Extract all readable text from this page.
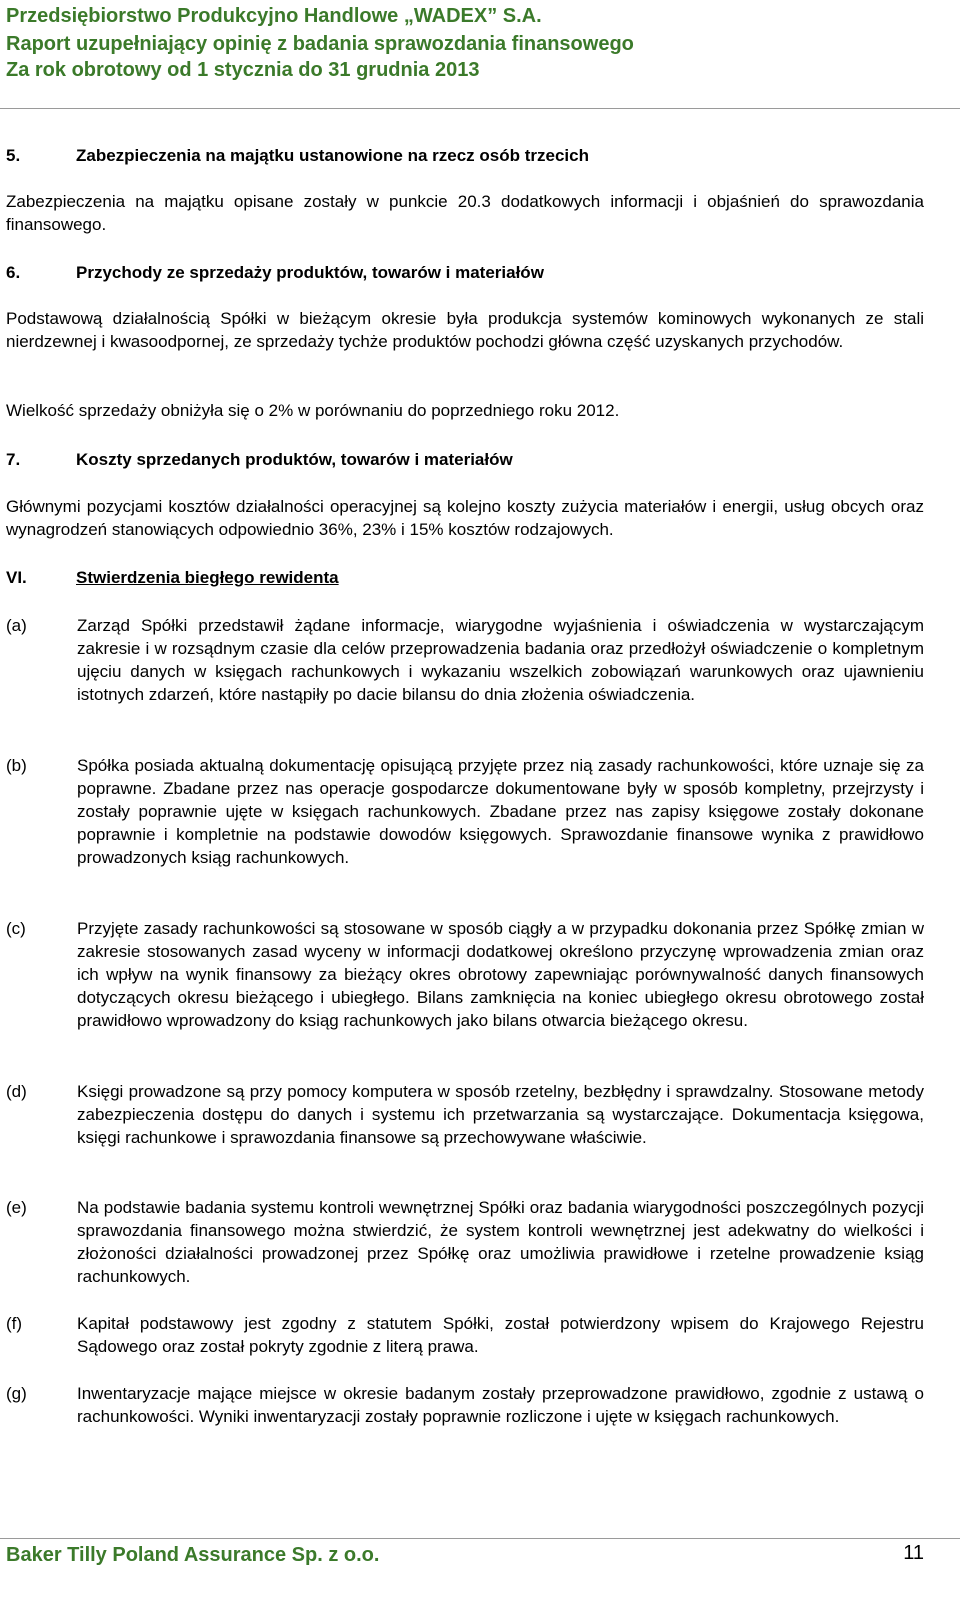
Przedsiębiorstwo Produkcyjno Handlowe „WADEX” S.A.
Raport uzupełniający opinię z badania sprawozdania finansowego
Za rok obrotowy od 1 stycznia do 31 grudnia 2013
5.	Zabezpieczenia na majątku ustanowione na rzecz osób trzecich
Zabezpieczenia na majątku opisane zostały w punkcie 20.3 dodatkowych informacji i objaśnień do sprawozdania finansowego.
6.	Przychody ze sprzedaży produktów, towarów i materiałów
Podstawową działalnością Spółki w bieżącym okresie była produkcja systemów kominowych wykonanych ze stali nierdzewnej i kwasoodpornej, ze sprzedaży tychże produktów pochodzi główna część uzyskanych przychodów.
Wielkość sprzedaży obniżyła się o 2% w porównaniu do poprzedniego roku 2012.
7.	Koszty sprzedanych produktów, towarów i materiałów
Głównymi pozycjami kosztów działalności operacyjnej są kolejno koszty zużycia materiałów i energii, usług obcych oraz wynagrodzeń stanowiących odpowiednio 36%, 23% i 15% kosztów rodzajowych.
VI.	Stwierdzenia biegłego rewidenta
(a)	Zarząd Spółki przedstawił żądane informacje, wiarygodne wyjaśnienia i oświadczenia w wystarczającym zakresie i w rozsądnym czasie dla celów przeprowadzenia badania oraz przedłożył oświadczenie o kompletnym ujęciu danych w księgach rachunkowych i wykazaniu wszelkich zobowiązań warunkowych oraz ujawnieniu istotnych zdarzeń, które nastąpiły po dacie bilansu do dnia złożenia oświadczenia.
(b)	Spółka posiada aktualną dokumentację opisującą przyjęte przez nią zasady rachunkowości, które uznaje się za poprawne. Zbadane przez nas operacje gospodarcze dokumentowane były w sposób kompletny, przejrzysty i zostały poprawnie ujęte w księgach rachunkowych. Zbadane przez nas zapisy księgowe zostały dokonane poprawnie i kompletnie na podstawie dowodów księgowych. Sprawozdanie finansowe wynika z prawidłowo prowadzonych ksiąg rachunkowych.
(c)	Przyjęte zasady rachunkowości są stosowane w sposób ciągły a w przypadku dokonania przez Spółkę zmian w zakresie stosowanych zasad wyceny w informacji dodatkowej określono przyczynę wprowadzenia zmian oraz ich wpływ na wynik finansowy za bieżący okres obrotowy zapewniając porównywalność danych finansowych dotyczących okresu bieżącego i ubiegłego. Bilans zamknięcia na koniec ubiegłego okresu obrotowego został prawidłowo wprowadzony do ksiąg rachunkowych jako bilans otwarcia bieżącego okresu.
(d)	Księgi prowadzone są przy pomocy komputera w sposób rzetelny, bezbłędny i sprawdzalny. Stosowane metody zabezpieczenia dostępu do danych i systemu ich przetwarzania są wystarczające. Dokumentacja księgowa, księgi rachunkowe i sprawozdania finansowe są przechowywane właściwie.
(e)	Na podstawie badania systemu kontroli wewnętrznej Spółki oraz badania wiarygodności poszczególnych pozycji sprawozdania finansowego można stwierdzić, że system kontroli wewnętrznej jest adekwatny do wielkości i złożoności działalności prowadzonej przez Spółkę oraz umożliwia prawidłowe i rzetelne prowadzenie ksiąg rachunkowych.
(f)	Kapitał podstawowy jest zgodny z statutem Spółki, został potwierdzony wpisem do Krajowego Rejestru Sądowego oraz został pokryty zgodnie z literą prawa.
(g)	Inwentaryzacje mające miejsce w okresie badanym zostały przeprowadzone prawidłowo, zgodnie z ustawą o rachunkowości. Wyniki inwentaryzacji zostały poprawnie rozliczone i ujęte w księgach rachunkowych.
Baker Tilly Poland Assurance Sp. z o.o.	11
